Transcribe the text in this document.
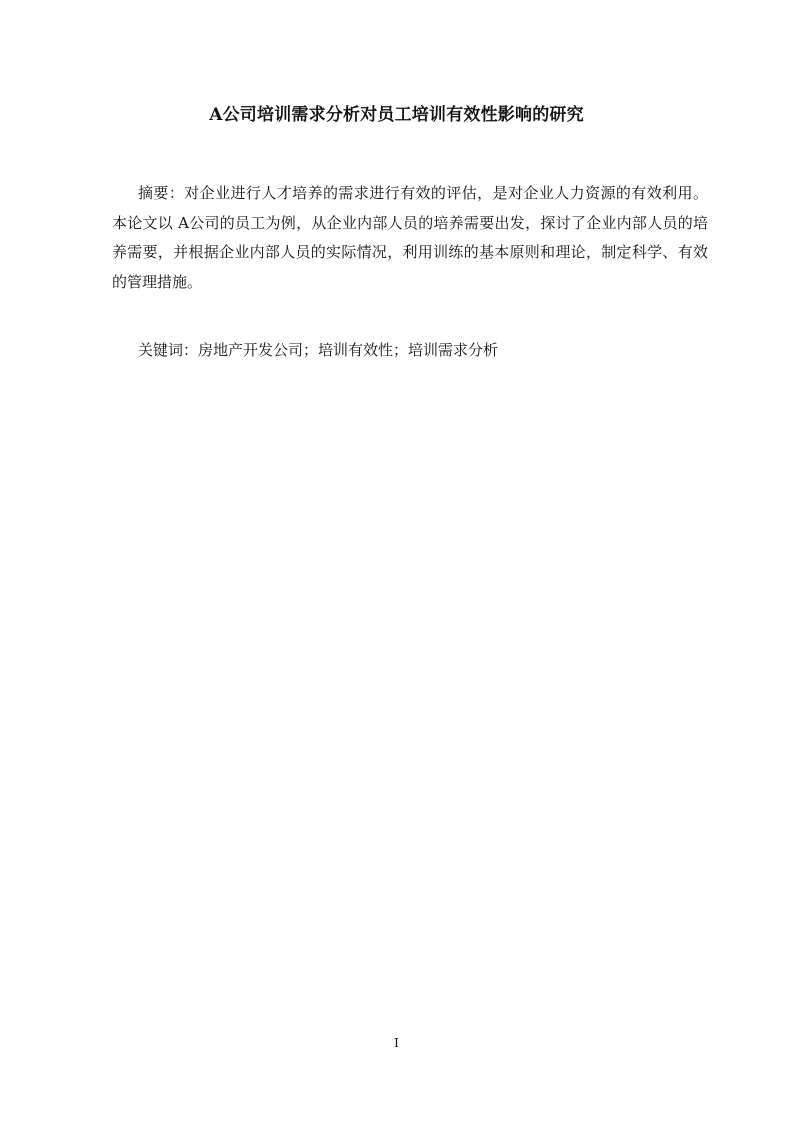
A公司培训需求分析对员工培训有效性影响的研究

摘要：对企业进行人才培养的需求进行有效的评估，是对企业人力资源的有效利用。本论文以 A公司的员工为例，从企业内部人员的培养需要出发，探讨了企业内部人员的培养需要，并根据企业内部人员的实际情况，利用训练的基本原则和理论，制定科学、有效的管理措施。

关键词：房地产开发公司；培训有效性；培训需求分析

I
